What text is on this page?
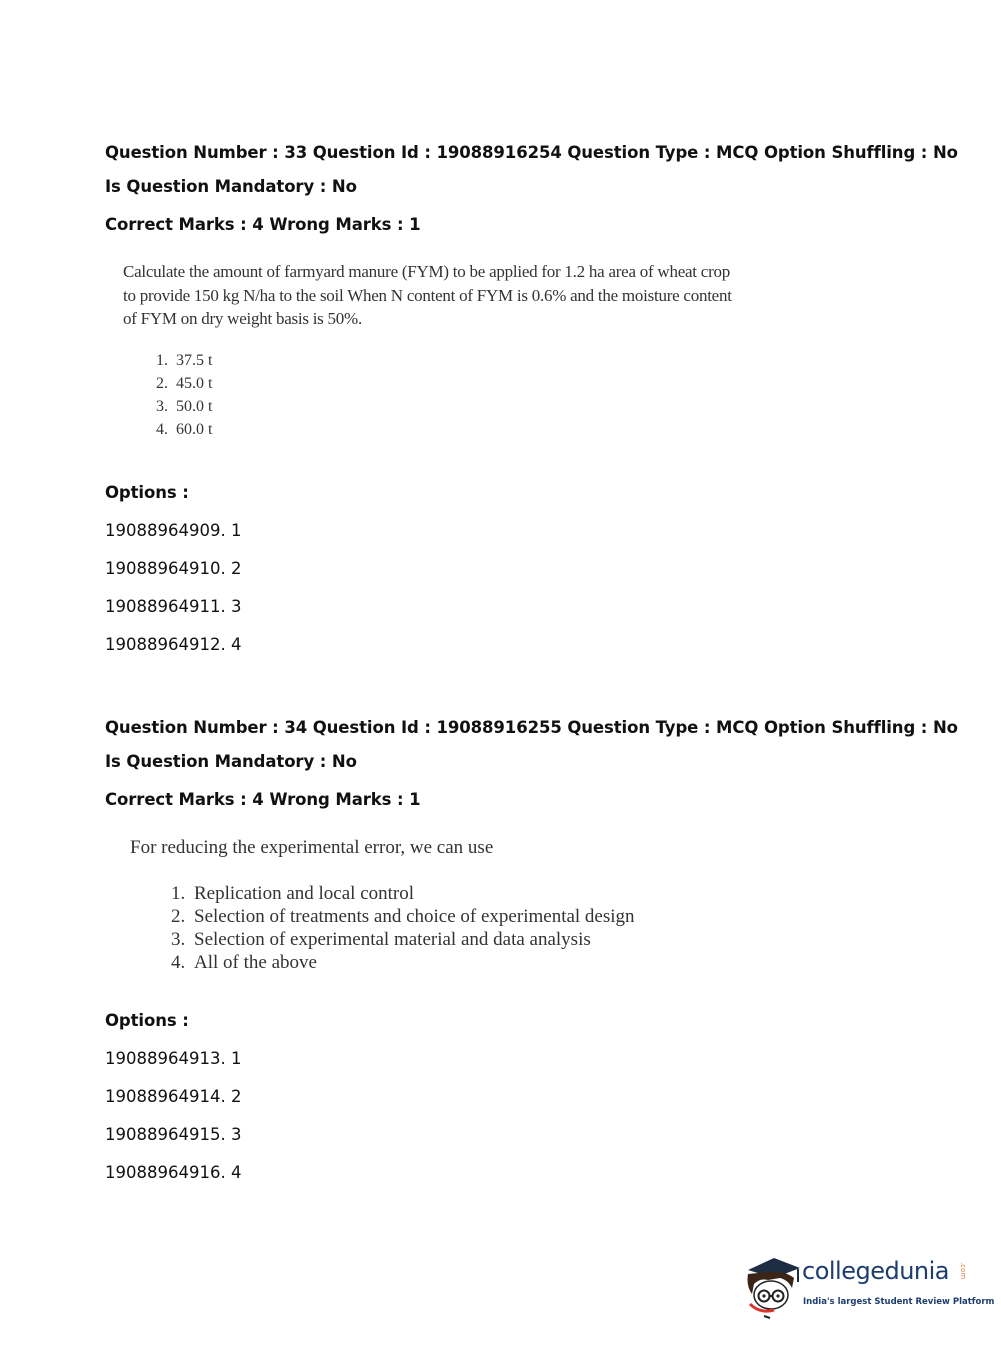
Question Number : 33 Question Id : 19088916254 Question Type : MCQ Option Shuffling : No
Is Question Mandatory : No
Correct Marks : 4 Wrong Marks : 1
Calculate the amount of farmyard manure (FYM) to be applied for 1.2 ha area of wheat crop
to provide 150 kg N/ha to the soil When N content of FYM is 0.6% and the moisture content
of FYM on dry weight basis is 50%.
1. 37.5 t
2. 45.0 t
3. 50.0 t
4. 60.0 t
Options :
19088964909. 1
19088964910. 2
19088964911. 3
19088964912. 4
Question Number : 34 Question Id : 19088916255 Question Type : MCQ Option Shuffling : No
Is Question Mandatory : No
Correct Marks : 4 Wrong Marks : 1
For reducing the experimental error, we can use
1. Replication and local control
2. Selection of treatments and choice of experimental design
3. Selection of experimental material and data analysis
4. All of the above
Options :
19088964913. 1
19088964914. 2
19088964915. 3
19088964916. 4
collegedunia .com
India's largest Student Review Platform
